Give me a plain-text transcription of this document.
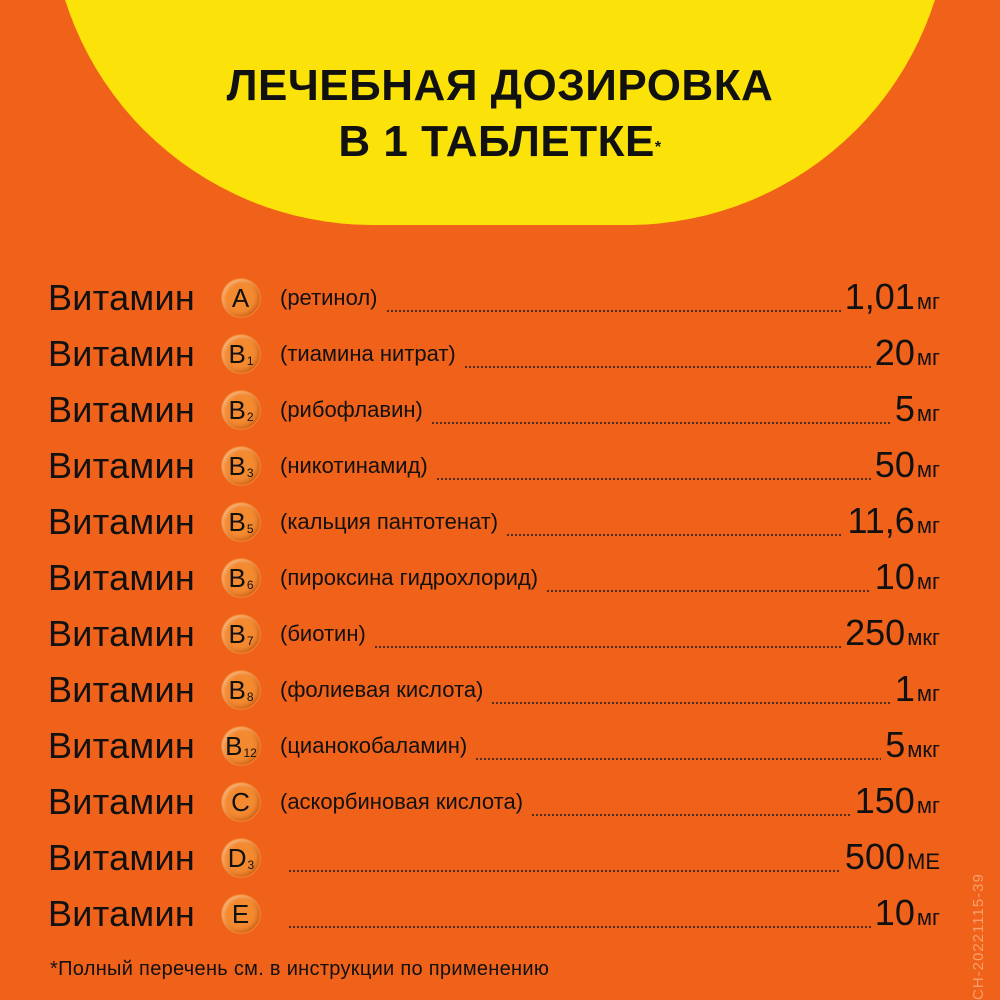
ЛЕЧЕБНАЯ ДОЗИРОВКА
В 1 ТАБЛЕТКЕ*
Витамин	A (ретинол)	1,01мг
Витамин	B 1 (тиамина нитрат)	20мг
Витамин	B 2 (рибофлавин)	5мг
Витамин	B 3 (никотинамид)	50мг
Витамин	B 5 (кальция пантотенат)	11,6мг
Витамин	B 6 (пироксина гидрохлорид)	10мг
Витамин	B 7 (биотин)	250мкг
Витамин	B 8 (фолиевая кислота)	1мг
Витамин	B 12 (цианокобаламин)	5мкг
Витамин	C (аскорбиновая кислота)	150мг
Витамин	D 3	500МЕ
Витамин	E	10мг
*Полный перечень см. в инструкции по применению	CH-20221115-39
